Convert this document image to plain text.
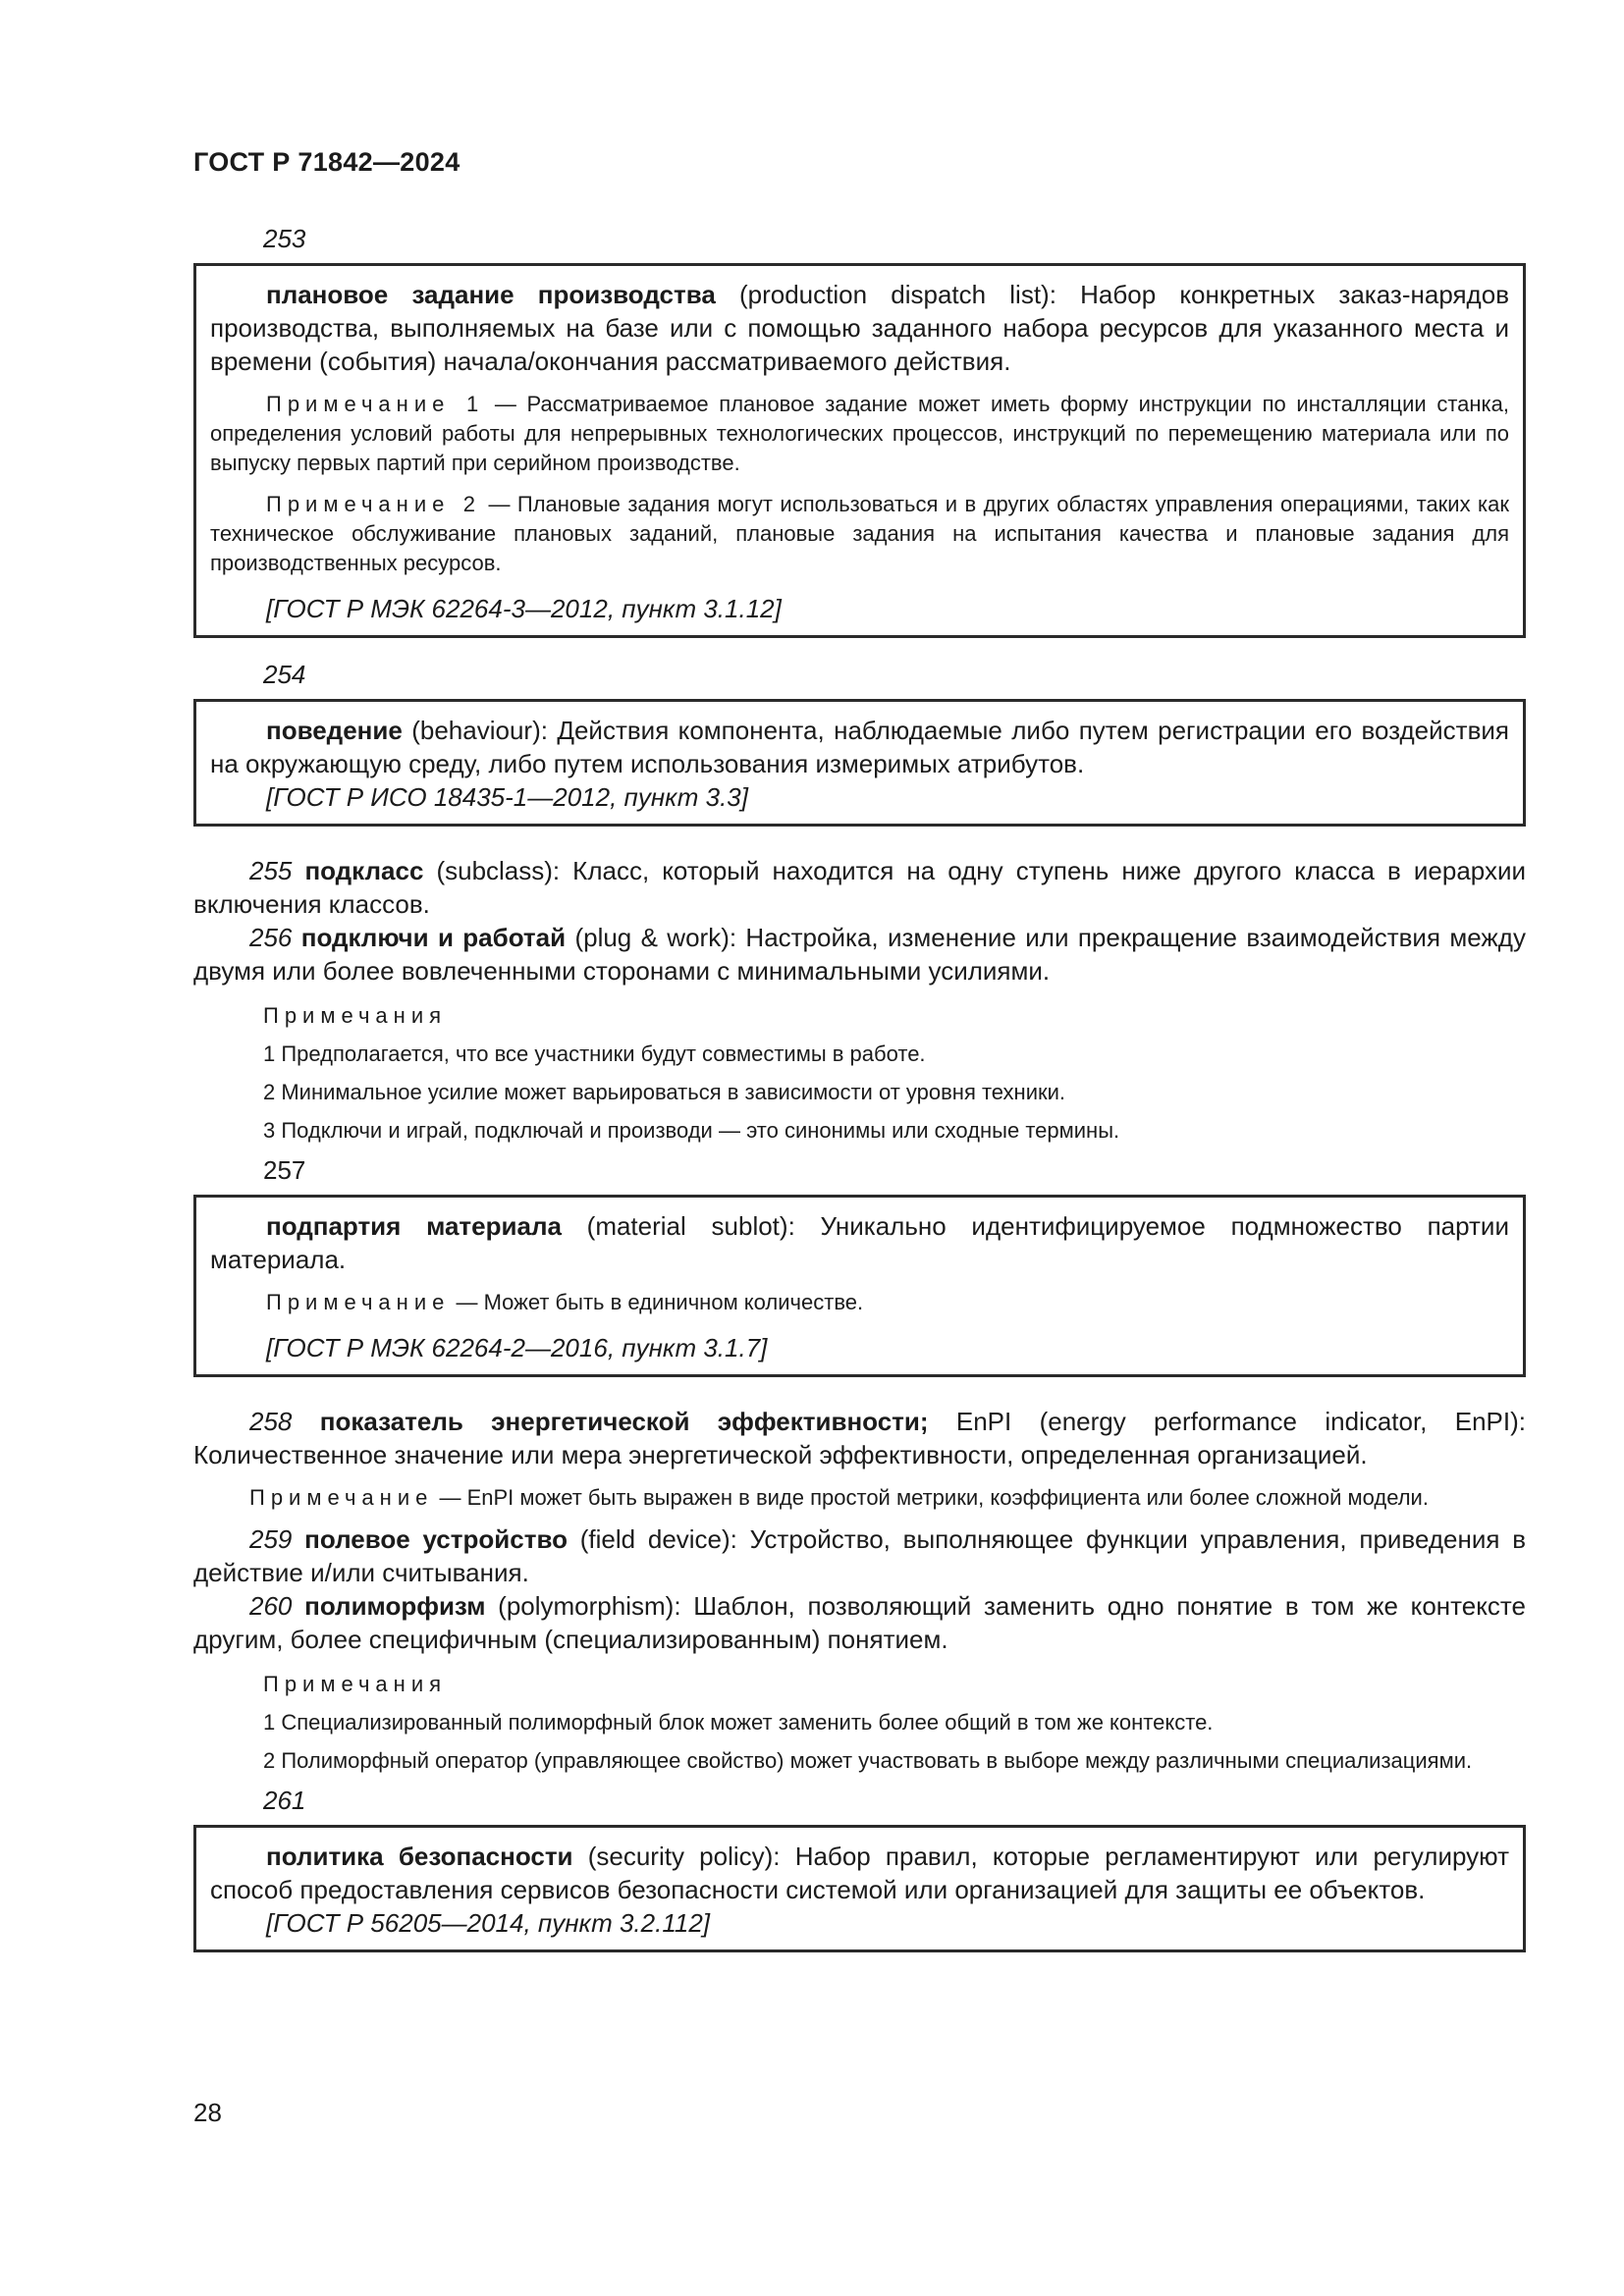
ГОСТ Р 71842—2024

253

плановое задание производства (production dispatch list): Набор конкретных заказ-нарядов производства, выполняемых на базе или с помощью заданного набора ресурсов для указанного места и времени (события) начала/окончания рассматриваемого действия.

Примечание 1 — Рассматриваемое плановое задание может иметь форму инструкции по инсталляции станка, определения условий работы для непрерывных технологических процессов, инструкций по перемещению материала или по выпуску первых партий при серийном производстве.

Примечание 2 — Плановые задания могут использоваться и в других областях управления операциями, таких как техническое обслуживание плановых заданий, плановые задания на испытания качества и плановые задания для производственных ресурсов.

[ГОСТ Р МЭК 62264-3—2012, пункт 3.1.12]

254

поведение (behaviour): Действия компонента, наблюдаемые либо путем регистрации его воздействия на окружающую среду, либо путем использования измеримых атрибутов.

[ГОСТ Р ИСО 18435-1—2012, пункт 3.3]

255 подкласс (subclass): Класс, который находится на одну ступень ниже другого класса в иерархии включения классов.

256 подключи и работай (plug & work): Настройка, изменение или прекращение взаимодействия между двумя или более вовлеченными сторонами с минимальными усилиями.

Примечания

1 Предполагается, что все участники будут совместимы в работе.

2 Минимальное усилие может варьироваться в зависимости от уровня техники.

3 Подключи и играй, подключай и производи — это синонимы или сходные термины.

257

подпартия материала (material sublot): Уникально идентифицируемое подмножество партии материала.

Примечание — Может быть в единичном количестве.

[ГОСТ Р МЭК 62264-2—2016, пункт 3.1.7]

258 показатель энергетической эффективности; EnPI (energy performance indicator, EnPI): Количественное значение или мера энергетической эффективности, определенная организацией.

Примечание — EnPI может быть выражен в виде простой метрики, коэффициента или более сложной модели.

259 полевое устройство (field device): Устройство, выполняющее функции управления, приведения в действие и/или считывания.

260 полиморфизм (polymorphism): Шаблон, позволяющий заменить одно понятие в том же контексте другим, более специфичным (специализированным) понятием.

Примечания

1 Специализированный полиморфный блок может заменить более общий в том же контексте.

2 Полиморфный оператор (управляющее свойство) может участвовать в выборе между различными специализациями.

261

политика безопасности (security policy): Набор правил, которые регламентируют или регулируют способ предоставления сервисов безопасности системой или организацией для защиты ее объектов.

[ГОСТ Р 56205—2014, пункт 3.2.112]

28
